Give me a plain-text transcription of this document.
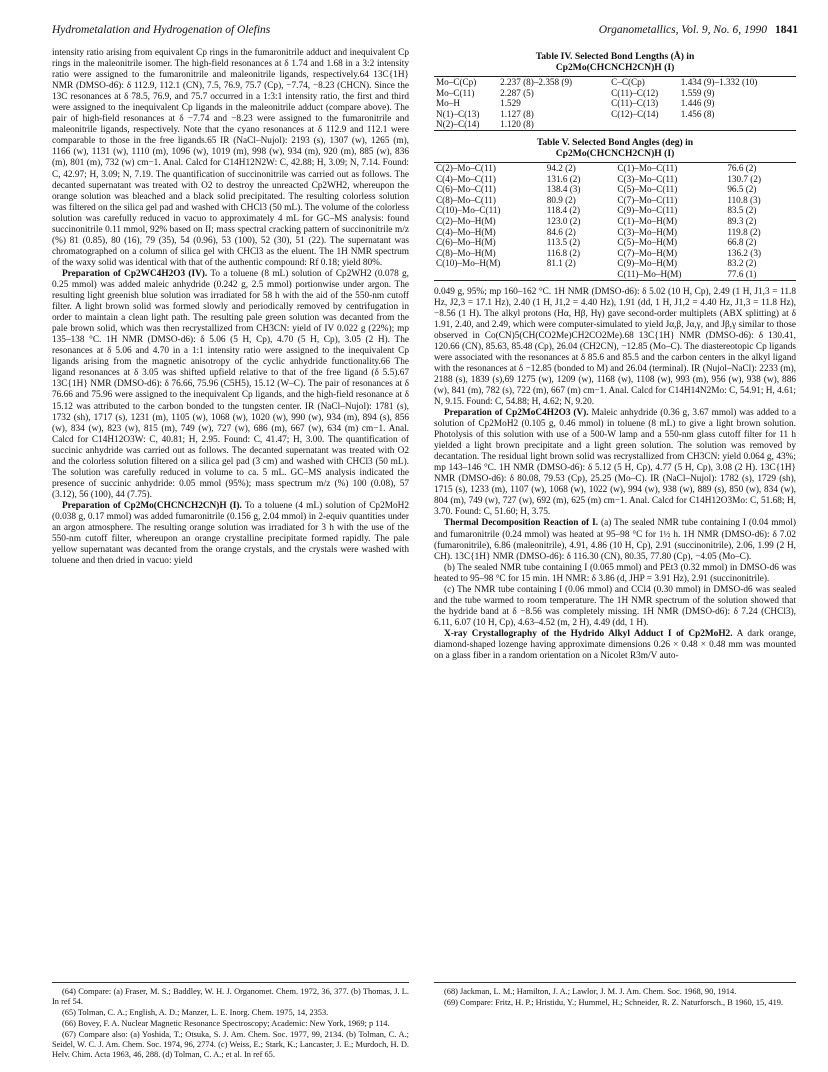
Hydrometalation and Hydrogenation of Olefins	Organometallics, Vol. 9, No. 6, 1990 1841

intensity ratio arising from equivalent Cp rings in the fumaronitrile adduct and inequivalent Cp rings in the maleonitrile isomer. The high-field resonances at δ 1.74 and 1.68 in a 3:2 intensity ratio were assigned to the fumaronitrile and maleonitrile ligands, respectively.64 13C{1H} NMR (DMSO-d6): δ 112.9, 112.1 (CN), 7.5, 76.9, 75.7 (Cp), −7.74, −8.23 (CHCN). Since the 13C resonances at δ 78.5, 76.9, and 75.7 occurred in a 1:3:1 intensity ratio, the first and third were assigned to the inequivalent Cp ligands in the maleonitrile adduct (compare above). The pair of high-field resonances at δ −7.74 and −8.23 were assigned to the fumaronitrile and maleonitrile ligands, respectively. Note that the cyano resonances at δ 112.9 and 112.1 were comparable to those in the free ligands.65 IR (NaCl–Nujol): 2193 (s), 1307 (w), 1265 (m), 1166 (w), 1131 (w), 1110 (m), 1096 (w), 1019 (m), 998 (w), 934 (m), 920 (m), 885 (w), 836 (m), 801 (m), 732 (w) cm−1. Anal. Calcd for C14H12N2W: C, 42.88; H, 3.09; N, 7.14. Found: C, 42.97; H, 3.09; N, 7.19. The quantification of succinonitrile was carried out as follows. The decanted supernatant was treated with O2 to destroy the unreacted Cp2WH2, whereupon the orange solution was bleached and a black solid precipitated. The resulting colorless solution was filtered on the silica gel pad and washed with CHCl3 (50 mL). The volume of the colorless solution was carefully reduced in vacuo to approximately 4 mL for GC–MS analysis: found succinonitrile 0.11 mmol, 92% based on II; mass spectral cracking pattern of succinonitrile m/z (%) 81 (0.85), 80 (16), 79 (35), 54 (0.96), 53 (100), 52 (30), 51 (22). The supernatant was chromatographed on a column of silica gel with CHCl3 as the eluent. The 1H NMR spectrum of the waxy solid was identical with that of the authentic compound: Rf 0.18; yield 80%.

Preparation of Cp2WC4H2O3 (IV). To a toluene (8 mL) solution of Cp2WH2 (0.078 g, 0.25 mmol) was added maleic anhydride (0.242 g, 2.5 mmol) portionwise under argon. The resulting light greenish blue solution was irradiated for 58 h with the aid of the 550-nm cutoff filter. A light brown solid was formed slowly and periodically removed by centrifugation in order to maintain a clean light path. The resulting pale green solution was decanted from the pale brown solid, which was then recrystallized from CH3CN: yield of IV 0.022 g (22%); mp 135–138 °C. 1H NMR (DMSO-d6): δ 5.06 (5 H, Cp), 4.70 (5 H, Cp), 3.05 (2 H). The resonances at δ 5.06 and 4.70 in a 1:1 intensity ratio were assigned to the inequivalent Cp ligands arising from the magnetic anisotropy of the cyclic anhydride functionality.66 The ligand resonances at δ 3.05 was shifted upfield relative to that of the free ligand (δ 5.5).67 13C{1H} NMR (DMSO-d6): δ 76.66, 75.96 (C5H5), 15.12 (W–C). The pair of resonances at δ 76.66 and 75.96 were assigned to the inequivalent Cp ligands, and the high-field resonance at δ 15.12 was attributed to the carbon bonded to the tungsten center. IR (NaCl–Nujol): 1781 (s), 1732 (sh), 1717 (s), 1231 (m), 1105 (w), 1068 (w), 1020 (w), 990 (w), 934 (m), 894 (s), 856 (w), 834 (w), 823 (w), 815 (m), 749 (w), 727 (w), 686 (m), 667 (w), 634 (m) cm−1. Anal. Calcd for C14H12O3W: C, 40.81; H, 2.95. Found: C, 41.47; H, 3.00. The quantification of succinic anhydride was carried out as follows. The decanted supernatant was treated with O2 and the colorless solution filtered on a silica gel pad (3 cm) and washed with CHCl3 (50 mL). The solution was carefully reduced in volume to ca. 5 mL. GC–MS analysis indicated the presence of succinic anhydride: 0.05 mmol (95%); mass spectrum m/z (%) 100 (0.08), 57 (3.12), 56 (100), 44 (7.75).

Preparation of Cp2Mo(CHCNCH2CN)H (I). To a toluene (4 mL) solution of Cp2MoH2 (0.038 g, 0.17 mmol) was added fumaronitrile (0.156 g, 2.04 mmol) in 2-equiv quantities under an argon atmosphere. The resulting orange solution was irradiated for 3 h with the use of the 550-nm cutoff filter, whereupon an orange crystalline precipitate formed rapidly. The pale yellow supernatant was decanted from the orange crystals, and the crystals were washed with toluene and then dried in vacuo: yield

Table IV. Selected Bond Lengths (Å) in
Cp2Mo(CHCNCH2CN)H (I)
Mo–C(Cp)	2.237 (8)–2.358 (9)	C–C(Cp)	1.434 (9)–1.332 (10)
Mo–C(11)	2.287 (5)	C(11)–C(12)	1.559 (9)
Mo–H	1.529	C(11)–C(13)	1.446 (9)
N(1)–C(13)	1.127 (8)	C(12)–C(14)	1.456 (8)
N(2)–C(14)	1.120 (8)		
Table V. Selected Bond Angles (deg) in
Cp2Mo(CHCNCH2CN)H (I)
C(2)–Mo–C(11)	94.2 (2)	C(1)–Mo–C(11)	76.6 (2)
C(4)–Mo–C(11)	131.6 (2)	C(3)–Mo–C(11)	130.7 (2)
C(6)–Mo–C(11)	138.4 (3)	C(5)–Mo–C(11)	96.5 (2)
C(8)–Mo–C(11)	80.9 (2)	C(7)–Mo–C(11)	110.8 (3)
C(10)–Mo–C(11)	118.4 (2)	C(9)–Mo–C(11)	83.5 (2)
C(2)–Mo–H(M)	123.0 (2)	C(1)–Mo–H(M)	89.3 (2)
C(4)–Mo–H(M)	84.6 (2)	C(3)–Mo–H(M)	119.8 (2)
C(6)–Mo–H(M)	113.5 (2)	C(5)–Mo–H(M)	66.8 (2)
C(8)–Mo–H(M)	116.8 (2)	C(7)–Mo–H(M)	136.2 (3)
C(10)–Mo–H(M)	81.1 (2)	C(9)–Mo–H(M)	83.2 (2)
		C(11)–Mo–H(M)	77.6 (1)

0.049 g, 95%; mp 160–162 °C. 1H NMR (DMSO-d6): δ 5.02 (10 H, Cp), 2.49 (1 H, J1,3 = 11.8 Hz, J2,3 = 17.1 Hz), 2.40 (1 H, J1,2 = 4.40 Hz), 1.91 (dd, 1 H, J1,2 = 4.40 Hz, J1,3 = 11.8 Hz), −8.56 (1 H). The alkyl protons (Hα, Hβ, Hγ) gave second-order multiplets (ABX splitting) at δ 1.91, 2.40, and 2.49, which were computer-simulated to yield Jα,β, Jα,γ, and Jβ,γ similar to those observed in Co(CN)5(CH(CO2Me)CH2CO2Me).68 13C{1H} NMR (DMSO-d6): δ 130.41, 120.66 (CN), 85.63, 85.48 (Cp), 26.04 (CH2CN), −12.85 (Mo–C). The diastereotopic Cp ligands were associated with the resonances at δ 85.6 and 85.5 and the carbon centers in the alkyl ligand with the resonances at δ −12.85 (bonded to M) and 26.04 (terminal). IR (Nujol–NaCl): 2233 (m), 2188 (s), 1839 (s),69 1275 (w), 1209 (w), 1168 (w), 1108 (w), 993 (m), 956 (w), 938 (w), 886 (w), 841 (m), 782 (s), 722 (m), 667 (m) cm−1. Anal. Calcd for C14H14N2Mo: C, 54.91; H, 4.61; N, 9.15. Found: C, 54.88; H, 4.62; N, 9.20.

Preparation of Cp2MoC4H2O3 (V). Maleic anhydride (0.36 g, 3.67 mmol) was added to a solution of Cp2MoH2 (0.105 g, 0.46 mmol) in toluene (8 mL) to give a light brown solution. Photolysis of this solution with use of a 500-W lamp and a 550-nm glass cutoff filter for 11 h yielded a light brown precipitate and a light green solution. The solution was removed by decantation. The residual light brown solid was recrystallized from CH3CN: yield 0.064 g, 43%; mp 143–146 °C. 1H NMR (DMSO-d6): δ 5.12 (5 H, Cp), 4.77 (5 H, Cp), 3.08 (2 H). 13C{1H} NMR (DMSO-d6): δ 80.08, 79.53 (Cp), 25.25 (Mo–C). IR (NaCl–Nujol): 1782 (s), 1729 (sh), 1715 (s), 1233 (m), 1107 (w), 1068 (w), 1022 (w), 994 (w), 938 (w), 889 (s), 850 (w), 834 (w), 804 (m), 749 (w), 727 (w), 692 (m), 625 (m) cm−1. Anal. Calcd for C14H12O3Mo: C, 51.68; H, 3.70. Found: C, 51.60; H, 3.75.

Thermal Decomposition Reaction of I. (a) The sealed NMR tube containing I (0.04 mmol) and fumaronitrile (0.24 mmol) was heated at 95–98 °C for 1½ h. 1H NMR (DMSO-d6): δ 7.02 (fumaronitrile), 6.86 (maleonitrile), 4.91, 4.86 (10 H, Cp), 2.91 (succinonitrile), 2.06, 1.99 (2 H, CH). 13C{1H} NMR (DMSO-d6): δ 116.30 (CN), 80.35, 77.80 (Cp), −4.05 (Mo–C).

(b) The sealed NMR tube containing I (0.065 mmol) and PEt3 (0.32 mmol) in DMSO-d6 was heated to 95–98 °C for 15 min. 1H NMR: δ 3.86 (d, JHP = 3.91 Hz), 2.91 (succinonitrile).

(c) The NMR tube containing I (0.06 mmol) and CCl4 (0.30 mmol) in DMSO-d6 was sealed and the tube warmed to room temperature. The 1H NMR spectrum of the solution showed that the hydride band at δ −8.56 was completely missing. 1H NMR (DMSO-d6): δ 7.24 (CHCl3), 6.11, 6.07 (10 H, Cp), 4.63–4.52 (m, 2 H), 4.49 (dd, 1 H).

X-ray Crystallography of the Hydrido Alkyl Adduct I of Cp2MoH2. A dark orange, diamond-shaped lozenge having approximate dimensions 0.26 × 0.48 × 0.48 mm was mounted on a glass fiber in a random orientation on a Nicolet R3m/V auto-

(64) Compare: (a) Fraser, M. S.; Baddley, W. H. J. Organomet. Chem. 1972, 36, 377. (b) Thomas, J. L. In ref 54.
(65) Tolman, C. A.; English, A. D.; Manzer, L. E. Inorg. Chem. 1975, 14, 2353.
(66) Bovey, F. A. Nuclear Magnetic Resonance Spectroscopy; Academic: New York, 1969; p 114.
(67) Compare also: (a) Yoshida, T.; Otsuka, S. J. Am. Chem. Soc. 1977, 99, 2134. (b) Tolman, C. A.; Seidel, W. C. J. Am. Chem. Soc. 1974, 96, 2774. (c) Weiss, E.; Stark, K.; Lancaster, J. E.; Murdoch, H. D. Helv. Chim. Acta 1963, 46, 288. (d) Tolman, C. A.; et al. In ref 65.
(68) Jackman, L. M.; Hamilton, J. A.; Lawlor, J. M. J. Am. Chem. Soc. 1968, 90, 1914.
(69) Compare: Fritz, H. P.; Hristidu, Y.; Hummel, H.; Schneider, R. Z. Naturforsch., B 1960, 15, 419.
